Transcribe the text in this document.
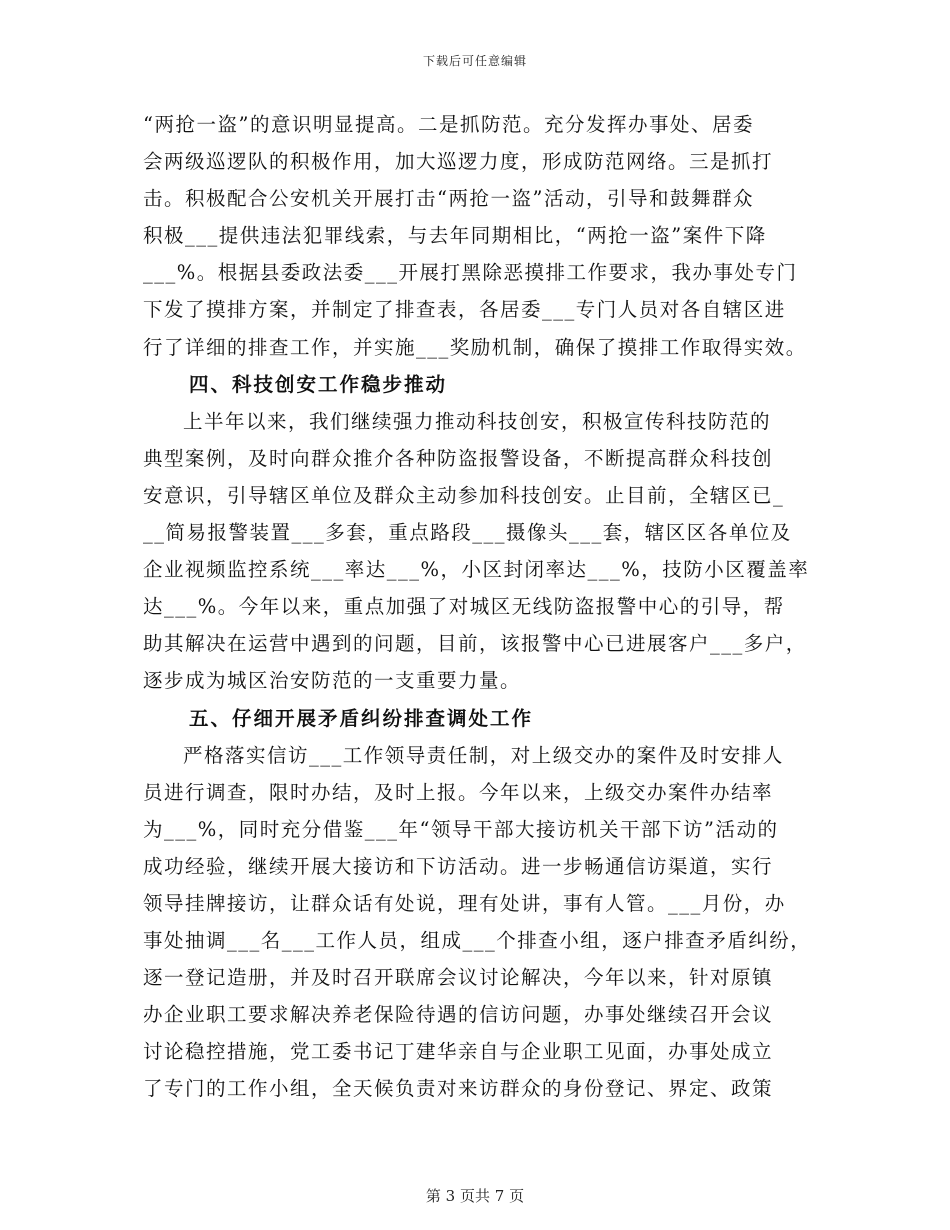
下载后可任意编辑
“两抢一盗”的意识明显提高。二是抓防范。充分发挥办事处、居委
会两级巡逻队的积极作用，加大巡逻力度，形成防范网络。三是抓打
击。积极配合公安机关开展打击“两抢一盗”活动，引导和鼓舞群众
积极___提供违法犯罪线索，与去年同期相比，“两抢一盗”案件下降
___%。根据县委政法委___开展打黑除恶摸排工作要求，我办事处专门
下发了摸排方案，并制定了排查表，各居委___专门人员对各自辖区进
行了详细的排查工作，并实施___奖励机制，确保了摸排工作取得实效。
四、科技创安工作稳步推动
上半年以来，我们继续强力推动科技创安，积极宣传科技防范的
典型案例，及时向群众推介各种防盗报警设备，不断提高群众科技创
安意识，引导辖区单位及群众主动参加科技创安。止目前，全辖区已_
__简易报警装置___多套，重点路段___摄像头___套，辖区区各单位及
企业视频监控系统___率达___%，小区封闭率达___%，技防小区覆盖率
达___%。今年以来，重点加强了对城区无线防盗报警中心的引导，帮
助其解决在运营中遇到的问题，目前，该报警中心已进展客户___多户，
逐步成为城区治安防范的一支重要力量。
五、仔细开展矛盾纠纷排查调处工作
严格落实信访___工作领导责任制，对上级交办的案件及时安排人
员进行调查，限时办结，及时上报。今年以来，上级交办案件办结率
为___%，同时充分借鉴___年“领导干部大接访机关干部下访”活动的
成功经验，继续开展大接访和下访活动。进一步畅通信访渠道，实行
领导挂牌接访，让群众话有处说，理有处讲，事有人管。___月份，办
事处抽调___名___工作人员，组成___个排查小组，逐户排查矛盾纠纷，
逐一登记造册，并及时召开联席会议讨论解决，今年以来，针对原镇
办企业职工要求解决养老保险待遇的信访问题，办事处继续召开会议
讨论稳控措施，党工委书记丁建华亲自与企业职工见面，办事处成立
了专门的工作小组，全天候负责对来访群众的身份登记、界定、政策
第 3 页共 7 页
